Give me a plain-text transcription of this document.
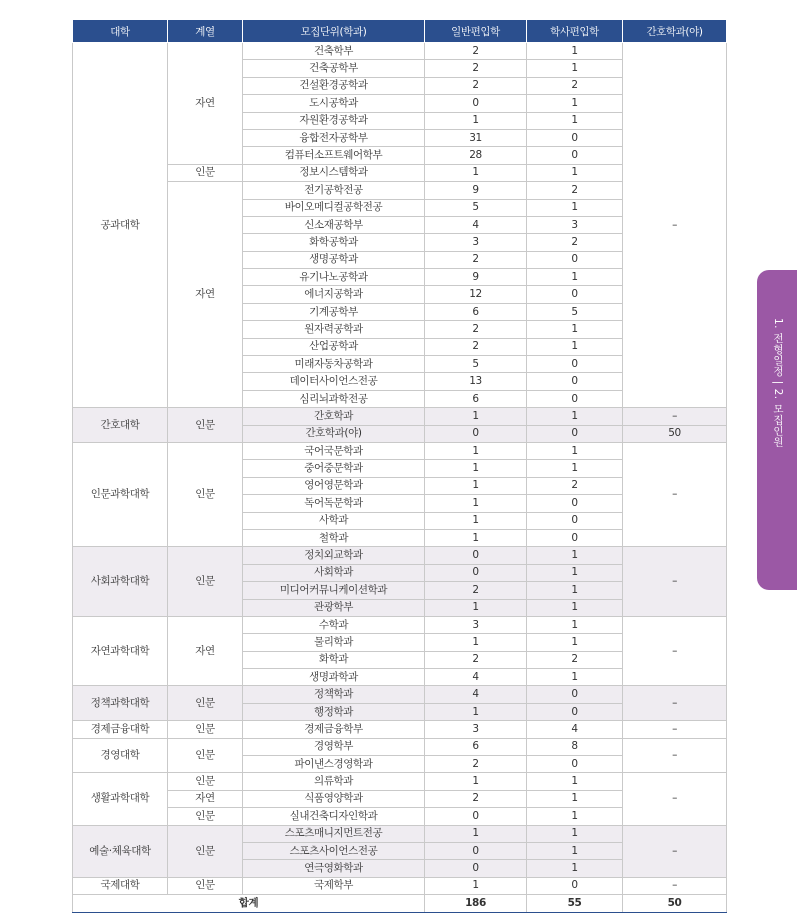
대학	계열	모집단위(학과)	일반편입학	학사편입학	간호학과(야)
공과대학	자연	건축학부	2	1	–
		건축공학부	2	1	
		건설환경공학과	2	2	
		도시공학과	0	1	
		자원환경공학과	1	1	
		융합전자공학부	31	0	
		컴퓨터소프트웨어학부	28	0	
	인문	정보시스템학과	1	1	
	자연	전기공학전공	9	2	
		바이오메디컬공학전공	5	1	
		신소재공학부	4	3	
		화학공학과	3	2	
		생명공학과	2	0	
		유기나노공학과	9	1	
		에너지공학과	12	0	
		기계공학부	6	5	
		원자력공학과	2	1	
		산업공학과	2	1	
		미래자동차공학과	5	0	
		데이터사이언스전공	13	0	
		심리뇌과학전공	6	0	
간호대학	인문	간호학과	1	1	–
		간호학과(야)	0	0	50
인문과학대학	인문	국어국문학과	1	1	–
		중어중문학과	1	1	
		영어영문학과	1	2	
		독어독문학과	1	0	
		사학과	1	0	
		철학과	1	0	
사회과학대학	인문	정치외교학과	0	1	–
		사회학과	0	1	
		미디어커뮤니케이션학과	2	1	
		관광학부	1	1	
자연과학대학	자연	수학과	3	1	–
		물리학과	1	1	
		화학과	2	2	
		생명과학과	4	1	
정책과학대학	인문	정책학과	4	0	–
		행정학과	1	0	
경제금융대학	인문	경제금융학부	3	4	–
경영대학	인문	경영학부	6	8	–
		파이낸스경영학과	2	0	
생활과학대학	인문	의류학과	1	1	–
	자연	식품영양학과	2	1	
	인문	실내건축디자인학과	0	1	
예술·체육대학	인문	스포츠매니지먼트전공	1	1	–
		스포츠사이언스전공	0	1	
		연극영화학과	0	1	
국제대학	인문	국제학부	1	0	–
합계			186	55	50
1. 전형일정 | 2. 모집인원
